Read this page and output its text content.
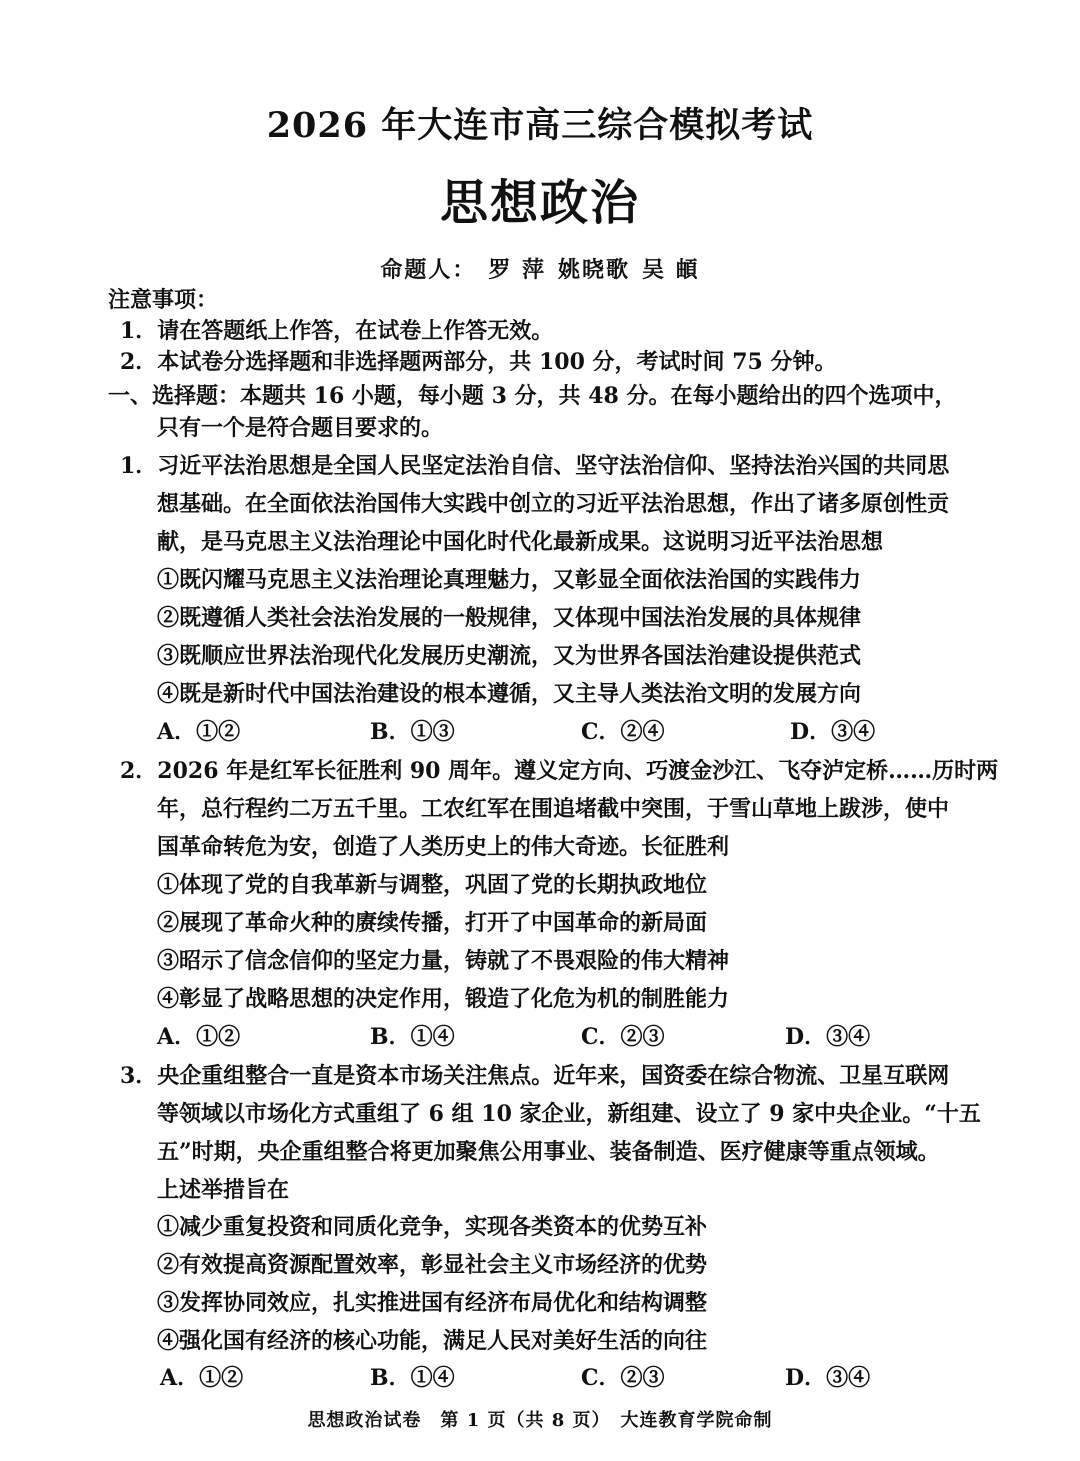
2026 年大连市高三综合模拟考试
思想政治
命题人： 罗 萍 姚晓歌 吴 頔
注意事项：
1．请在答题纸上作答，在试卷上作答无效。
2．本试卷分选择题和非选择题两部分，共 100 分，考试时间 75 分钟。
一、选择题：本题共 16 小题，每小题 3 分，共 48 分。在每小题给出的四个选项中，
只有一个是符合题目要求的。
1．习近平法治思想是全国人民坚定法治自信、坚守法治信仰、坚持法治兴国的共同思
想基础。在全面依法治国伟大实践中创立的习近平法治思想，作出了诸多原创性贡
献，是马克思主义法治理论中国化时代化最新成果。这说明习近平法治思想
①既闪耀马克思主义法治理论真理魅力，又彰显全面依法治国的实践伟力
②既遵循人类社会法治发展的一般规律，又体现中国法治发展的具体规律
③既顺应世界法治现代化发展历史潮流，又为世界各国法治建设提供范式
④既是新时代中国法治建设的根本遵循，又主导人类法治文明的发展方向
A．①②	B．①③	C．②④	D．③④
2．2026 年是红军长征胜利 90 周年。遵义定方向、巧渡金沙江、飞夺泸定桥……历时两
年，总行程约二万五千里。工农红军在围追堵截中突围，于雪山草地上跋涉，使中
国革命转危为安，创造了人类历史上的伟大奇迹。长征胜利
①体现了党的自我革新与调整，巩固了党的长期执政地位
②展现了革命火种的赓续传播，打开了中国革命的新局面
③昭示了信念信仰的坚定力量，铸就了不畏艰险的伟大精神
④彰显了战略思想的决定作用，锻造了化危为机的制胜能力
A．①②	B．①④	C．②③	D．③④
3．央企重组整合一直是资本市场关注焦点。近年来，国资委在综合物流、卫星互联网
等领域以市场化方式重组了 6 组 10 家企业，新组建、设立了 9 家中央企业。“十五
五”时期，央企重组整合将更加聚焦公用事业、装备制造、医疗健康等重点领域。
上述举措旨在
①减少重复投资和同质化竞争，实现各类资本的优势互补
②有效提高资源配置效率，彰显社会主义市场经济的优势
③发挥协同效应，扎实推进国有经济布局优化和结构调整
④强化国有经济的核心功能，满足人民对美好生活的向往
A．①②	B．①④	C．②③	D．③④
思想政治试卷　第 1 页（共 8 页）　大连教育学院命制
